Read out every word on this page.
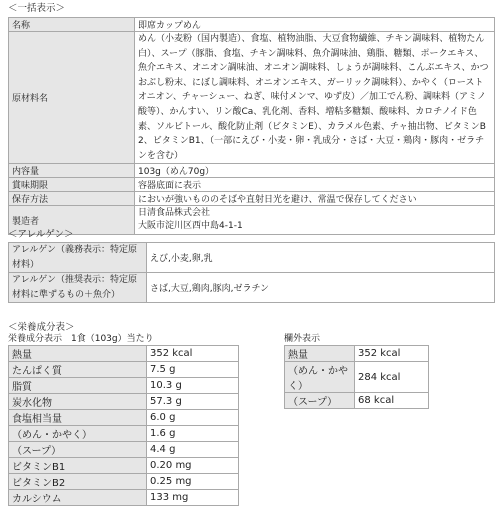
＜一括表示＞
名称	即席カップめん
原材料名	めん（小麦粉（国内製造）、食塩、植物油脂、大豆食物繊維、チキン調味料、植物たん白）、スープ（豚脂、食塩、チキン調味料、魚介調味油、鶏脂、糖類、ポークエキス、魚介エキス、オニオン調味油、オニオン調味料、しょうが調味料、こんぶエキス、かつおぶし粉末、にぼし調味料、オニオンエキス、ガーリック調味料）、かやく（ローストオニオン、チャーシュー、ねぎ、味付メンマ、ゆず皮）／加工でん粉、調味料（アミノ酸等）、かんすい、リン酸Ca、乳化剤、香料、増粘多糖類、酸味料、カロチノイド色素、ソルビトール、酸化防止剤（ビタミンE）、カラメル色素、チャ抽出物、ビタミンB2、ビタミンB1、（一部にえび・小麦・卵・乳成分・さば・大豆・鶏肉・豚肉・ゼラチンを含む）
内容量	103g（めん70g）
賞味期限	容器底面に表示
保存方法	においが強いもののそばや直射日光を避け、常温で保存してください
製造者	日清食品株式会社
大阪市淀川区西中島4-1-1
＜アレルゲン＞
アレルゲン（義務表示：特定原材料）	えび,小麦,卵,乳
アレルゲン（推奨表示：特定原材料に準ずるもの＋魚介）	さば,大豆,鶏肉,豚肉,ゼラチン
＜栄養成分表＞
栄養成分表示　1食（103g）当たり
熱量	352 kcal
たんぱく質	7.5 g
脂質	10.3 g
炭水化物	57.3 g
食塩相当量	6.0 g
（めん・かやく）	1.6 g
（スープ）	4.4 g
ビタミンB1	0.20 mg
ビタミンB2	0.25 mg
カルシウム	133 mg
欄外表示
熱量	352 kcal
（めん・かやく）	284 kcal
（スープ）	68 kcal
